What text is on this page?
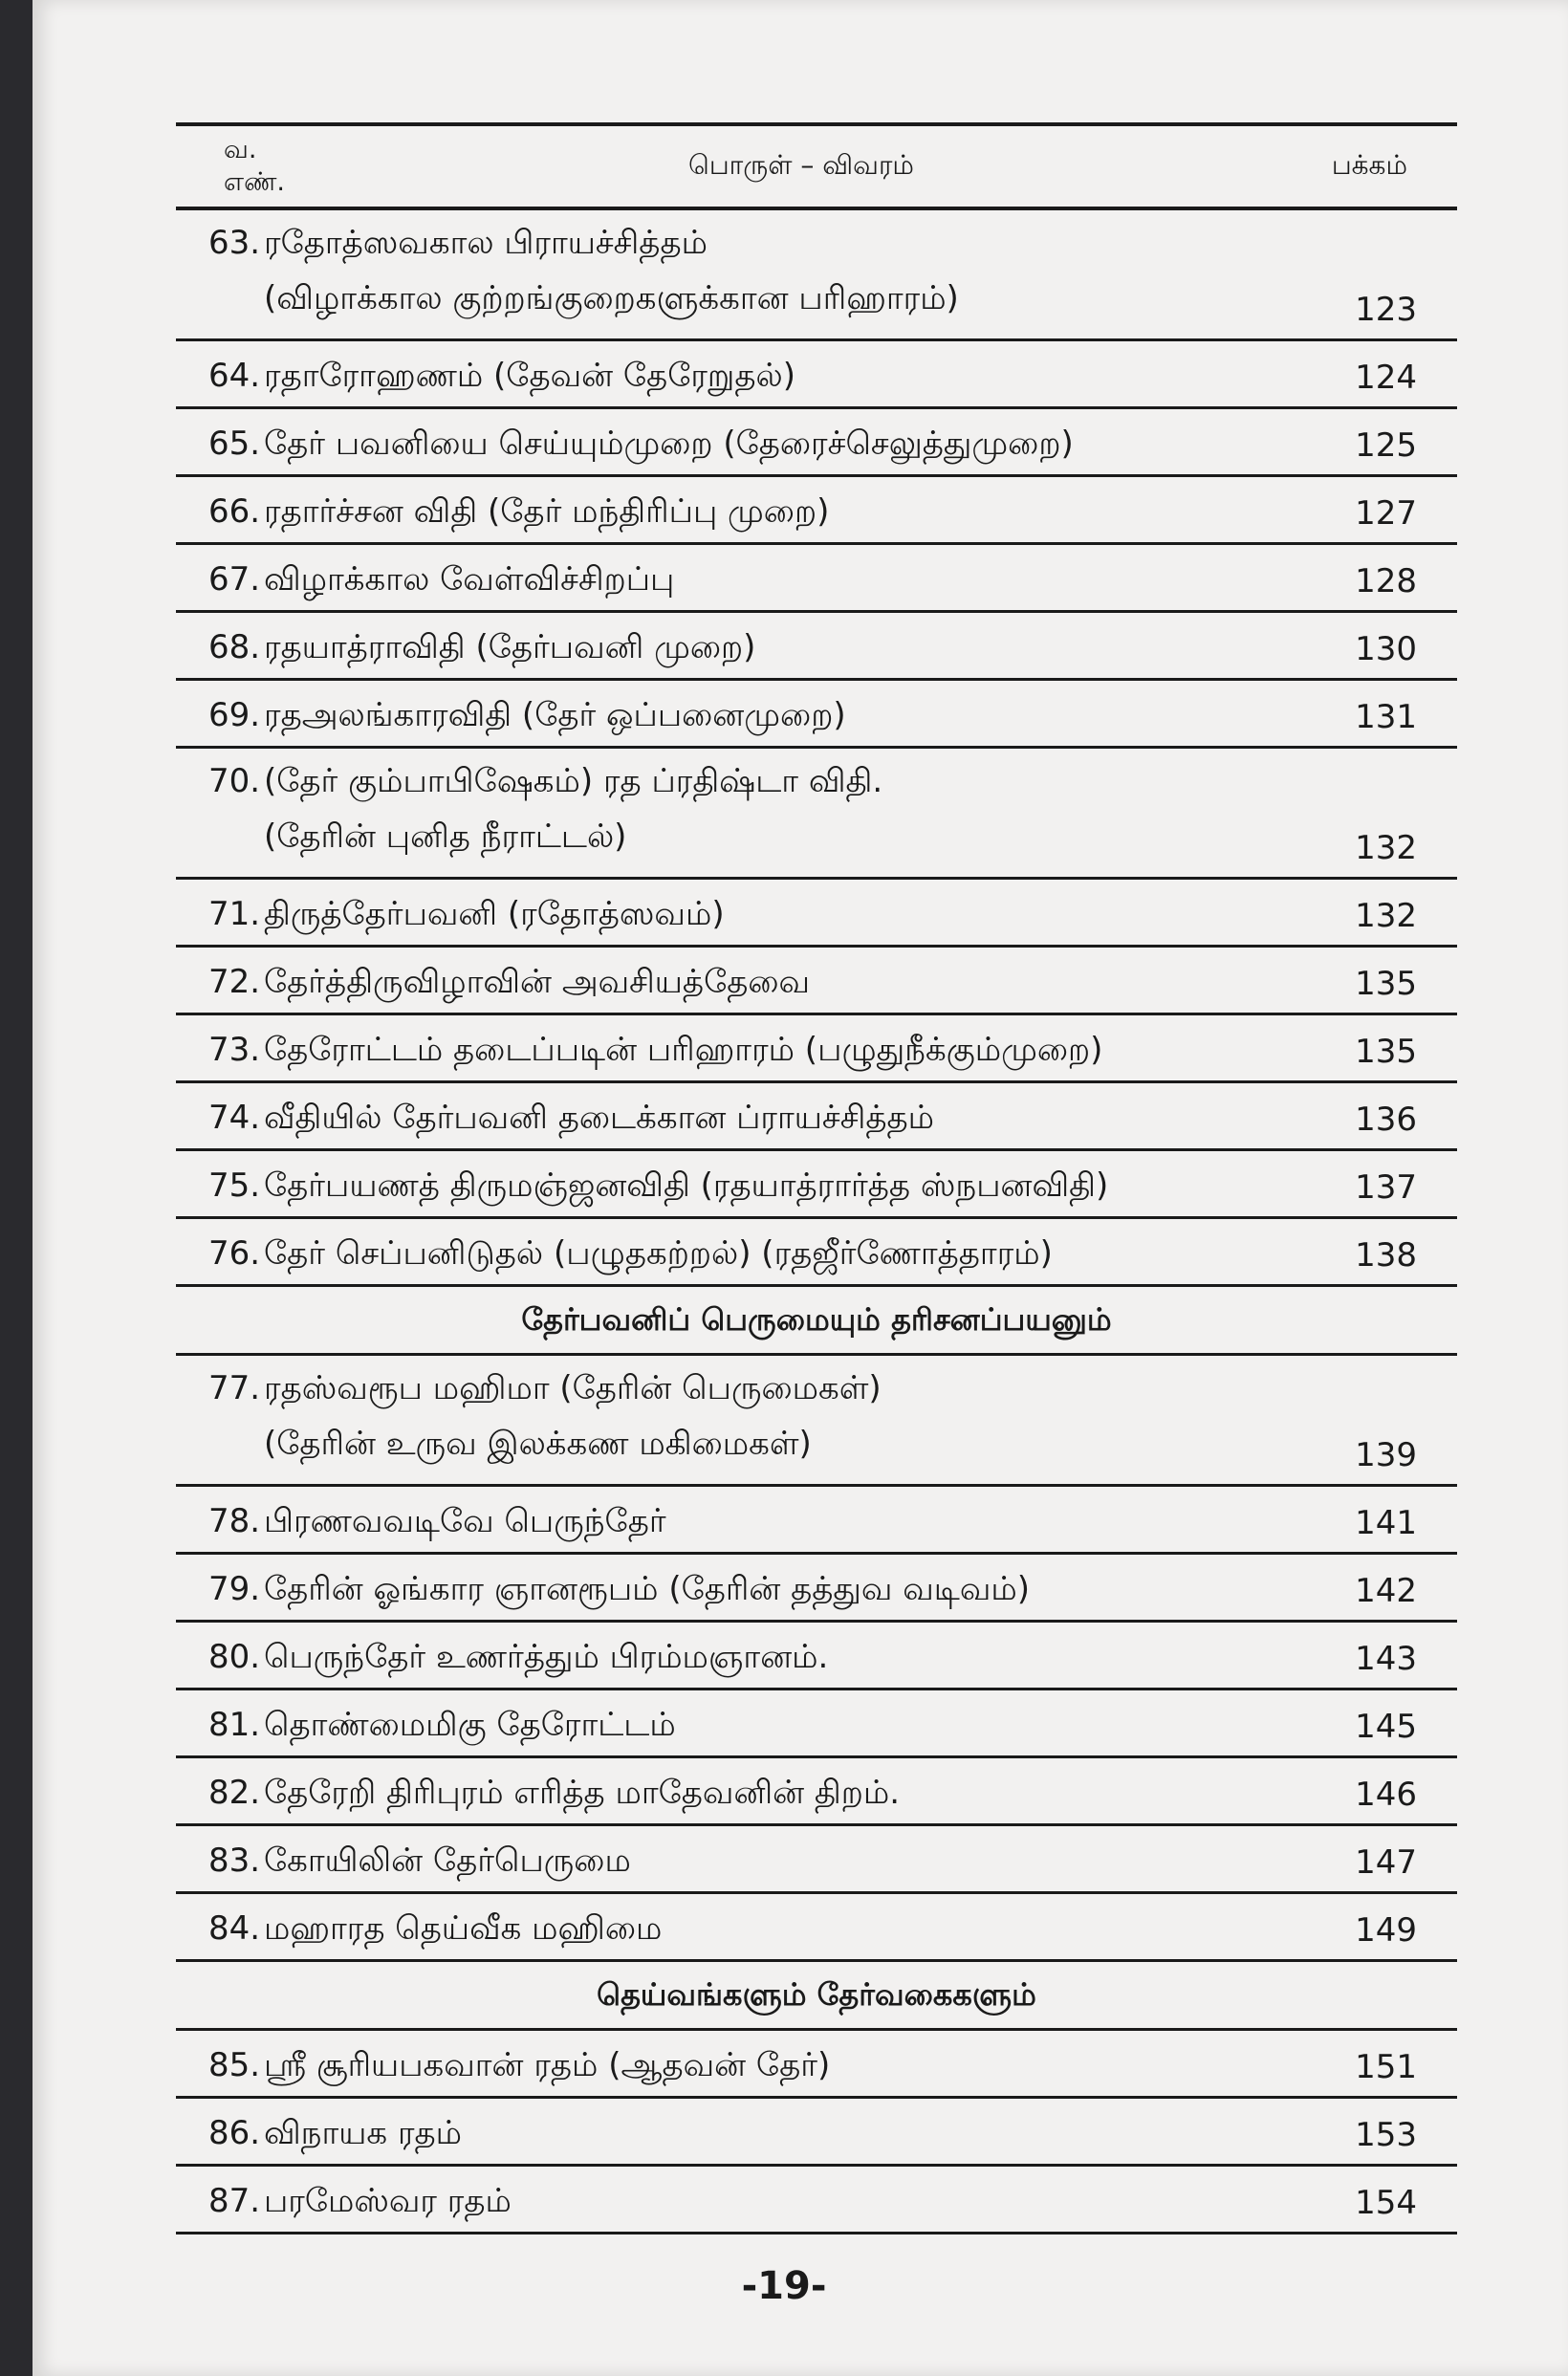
வ.
எண்.
பொருள் – விவரம்	பக்கம்
63. ரதோத்ஸவகால பிராயச்சித்தம்
(விழாக்கால குற்றங்குறைகளுக்கான பரிஹாரம்)	123
64. ரதாரோஹணம் (தேவன் தேரேறுதல்)	124
65. தேர் பவனியை செய்யும்முறை (தேரைச்செலுத்துமுறை)	125
66. ரதார்ச்சன விதி (தேர் மந்திரிப்பு முறை)	127
67. விழாக்கால வேள்விச்சிறப்பு	128
68. ரதயாத்ராவிதி (தேர்பவனி முறை)	130
69. ரதஅலங்காரவிதி (தேர் ஒப்பனைமுறை)	131
70. (தேர் கும்பாபிஷேகம்) ரத ப்ரதிஷ்டா விதி.
(தேரின் புனித நீராட்டல்)	132
71. திருத்தேர்பவனி (ரதோத்ஸவம்)	132
72. தேர்த்திருவிழாவின் அவசியத்தேவை	135
73. தேரோட்டம் தடைப்படின் பரிஹாரம் (பழுதுநீக்கும்முறை)	135
74. வீதியில் தேர்பவனி தடைக்கான ப்ராயச்சித்தம்	136
75. தேர்பயணத் திருமஞ்ஜனவிதி (ரதயாத்ரார்த்த ஸ்நபனவிதி)	137
76. தேர் செப்பனிடுதல் (பழுதகற்றல்) (ரதஜீர்ணோத்தாரம்)	138
தேர்பவனிப் பெருமையும் தரிசனப்பயனும்
77. ரதஸ்வரூப மஹிமா (தேரின் பெருமைகள்)
(தேரின் உருவ இலக்கண மகிமைகள்)	139
78. பிரணவவடிவே பெருந்தேர்	141
79. தேரின் ஓங்கார ஞானரூபம் (தேரின் தத்துவ வடிவம்)	142
80. பெருந்தேர் உணர்த்தும் பிரம்மஞானம்.	143
81. தொண்மைமிகு தேரோட்டம்	145
82. தேரேறி திரிபுரம் எரித்த மாதேவனின் திறம்.	146
83. கோயிலின் தேர்பெருமை	147
84. மஹாரத தெய்வீக மஹிமை	149
தெய்வங்களும் தேர்வகைகளும்
85. ஸ்ரீ சூரியபகவான் ரதம் (ஆதவன் தேர்)	151
86. விநாயக ரதம்	153
87. பரமேஸ்வர ரதம்	154
-19-
